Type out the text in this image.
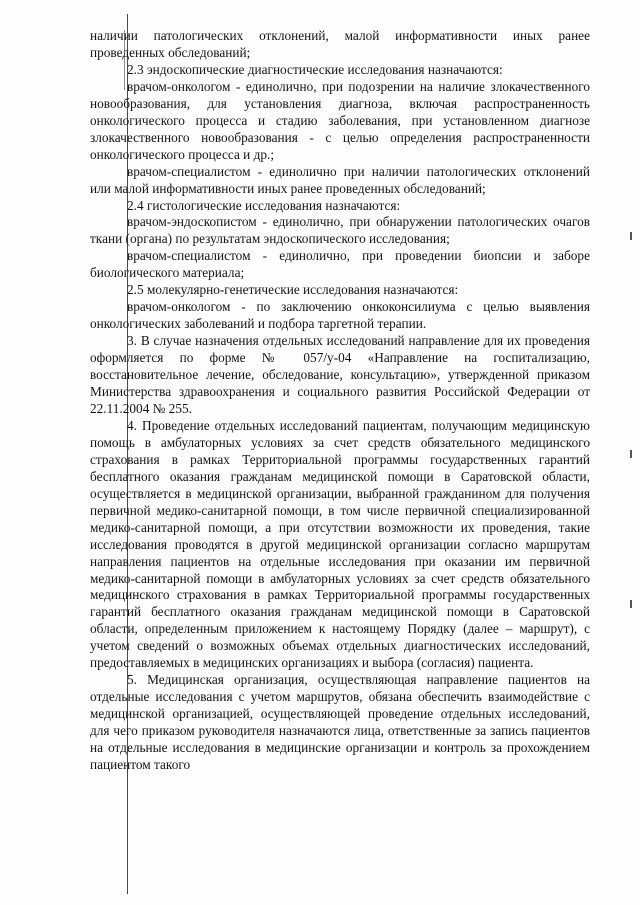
наличии патологических отклонений, малой информативности иных ранее проведенных обследований;

2.3 эндоскопические диагностические исследования назначаются:

врачом-онкологом - единолично, при подозрении на наличие злокачественного новообразования, для установления диагноза, включая распространенность онкологического процесса и стадию заболевания, при установленном диагнозе злокачественного новообразования - с целью определения распространенности онкологического процесса и др.;

врачом-специалистом - единолично при наличии патологических отклонений или малой информативности иных ранее проведенных обследований;

2.4 гистологические исследования назначаются:

врачом-эндоскопистом - единолично, при обнаружении патологических очагов ткани (органа) по результатам эндоскопического исследования;

врачом-специалистом - единолично, при проведении биопсии и заборе биологического материала;

2.5 молекулярно-генетические исследования назначаются:

врачом-онкологом - по заключению онкоконсилиума с целью выявления онкологических заболеваний и подбора таргетной терапии.

3. В случае назначения отдельных исследований направление для их проведения оформляется по форме № 057/у-04 «Направление на госпитализацию, восстановительное лечение, обследование, консультацию», утвержденной приказом Министерства здравоохранения и социального развития Российской Федерации от 22.11.2004 № 255.

4. Проведение отдельных исследований пациентам, получающим медицинскую помощь в амбулаторных условиях за счет средств обязательного медицинского страхования в рамках Территориальной программы государственных гарантий бесплатного оказания гражданам медицинской помощи в Саратовской области, осуществляется в медицинской организации, выбранной гражданином для получения первичной медико-санитарной помощи, в том числе первичной специализированной медико-санитарной помощи, а при отсутствии возможности их проведения, такие исследования проводятся в другой медицинской организации согласно маршрутам направления пациентов на отдельные исследования при оказании им первичной медико-санитарной помощи в амбулаторных условиях за счет средств обязательного медицинского страхования в рамках Территориальной программы государственных гарантий бесплатного оказания гражданам медицинской помощи в Саратовской области, определенным приложением к настоящему Порядку (далее – маршрут), с учетом сведений о возможных объемах отдельных диагностических исследований, предоставляемых в медицинских организациях и выбора (согласия) пациента.

5. Медицинская организация, осуществляющая направление пациентов на отдельные исследования с учетом маршрутов, обязана обеспечить взаимодействие с медицинской организацией, осуществляющей проведение отдельных исследований, для чего приказом руководителя назначаются лица, ответственные за запись пациентов на отдельные исследования в медицинские организации и контроль за прохождением пациентом такого
